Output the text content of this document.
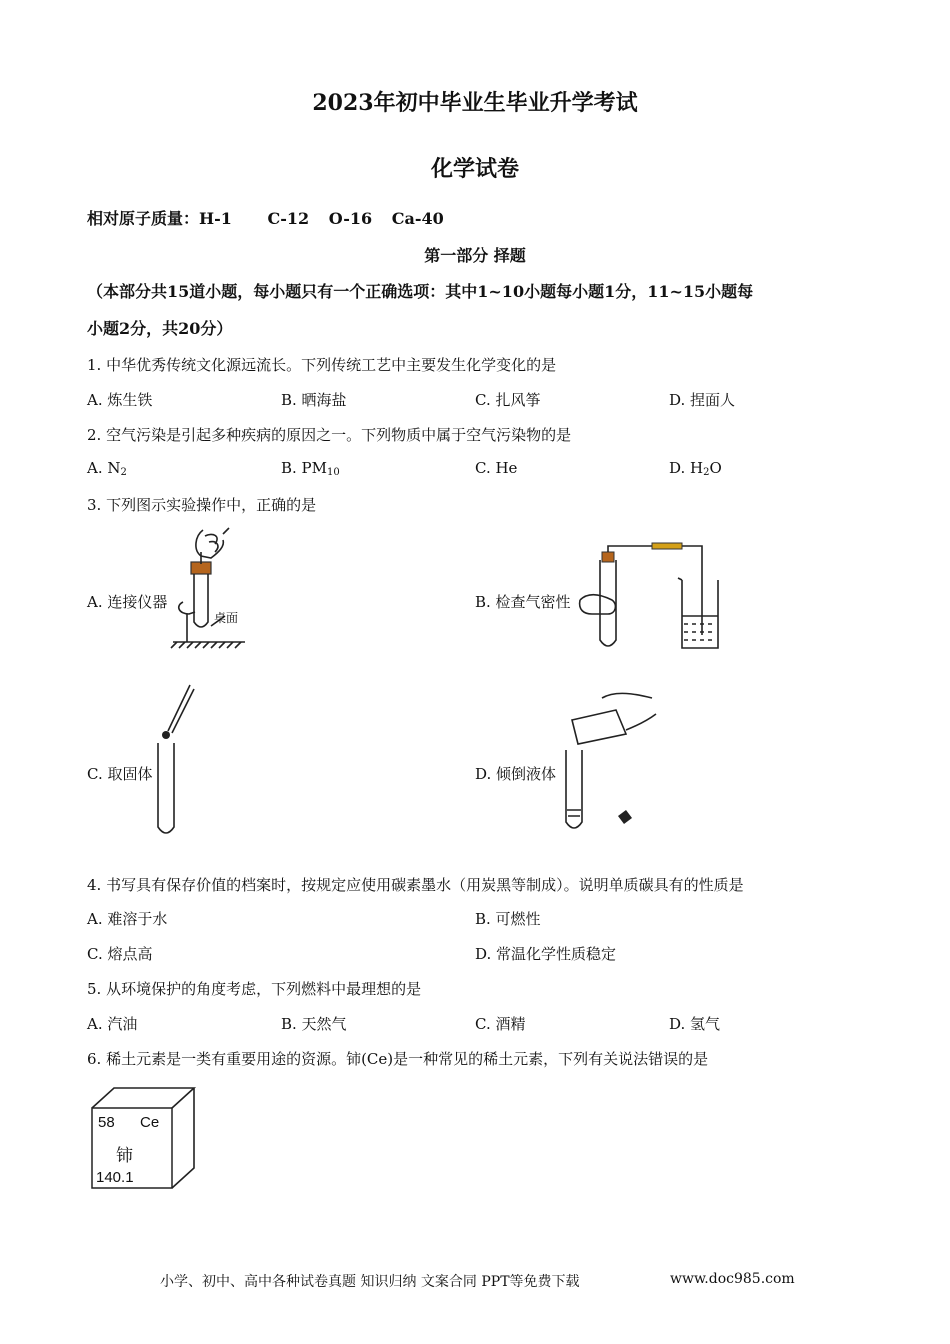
2023年初中毕业生毕业升学考试
化学试卷
相对原子质量：H-1 C-12 O-16 Ca-40
第一部分 择题
（本部分共15道小题，每小题只有一个正确选项：其中1~10小题每小题1分，11~15小题每
小题2分，共20分）
1. 中华优秀传统文化源远流长。下列传统工艺中主要发生化学变化的是
A. 炼生铁	B. 晒海盐	C. 扎风筝	D. 捏面人
2. 空气污染是引起多种疾病的原因之一。下列物质中属于空气污染物的是
A. $N_2$	B. $PM_{10}$	C. He	D. $H_2O$
3. 下列图示实验操作中，正确的是
A. 连接仪器
桌面
B. 检查气密性
C. 取固体	D. 倾倒液体
4. 书写具有保存价值的档案时，按规定应使用碳素墨水（用炭黑等制成）。说明单质碳具有的性质是
A. 难溶于水	B. 可燃性
C. 熔点高	D. 常温化学性质稳定
5. 从环境保护的角度考虑，下列燃料中最理想的是
A. 汽油	B. 天然气	C. 酒精	D. 氢气
6. 稀土元素是一类有重要用途的资源。铈(Ce)是一种常见的稀土元素，下列有关说法错误的是
58 Ce
铈
140.1
小学、初中、高中各种试卷真题 知识归纳 文案合同 PPT等免费下载	www.doc985.com
